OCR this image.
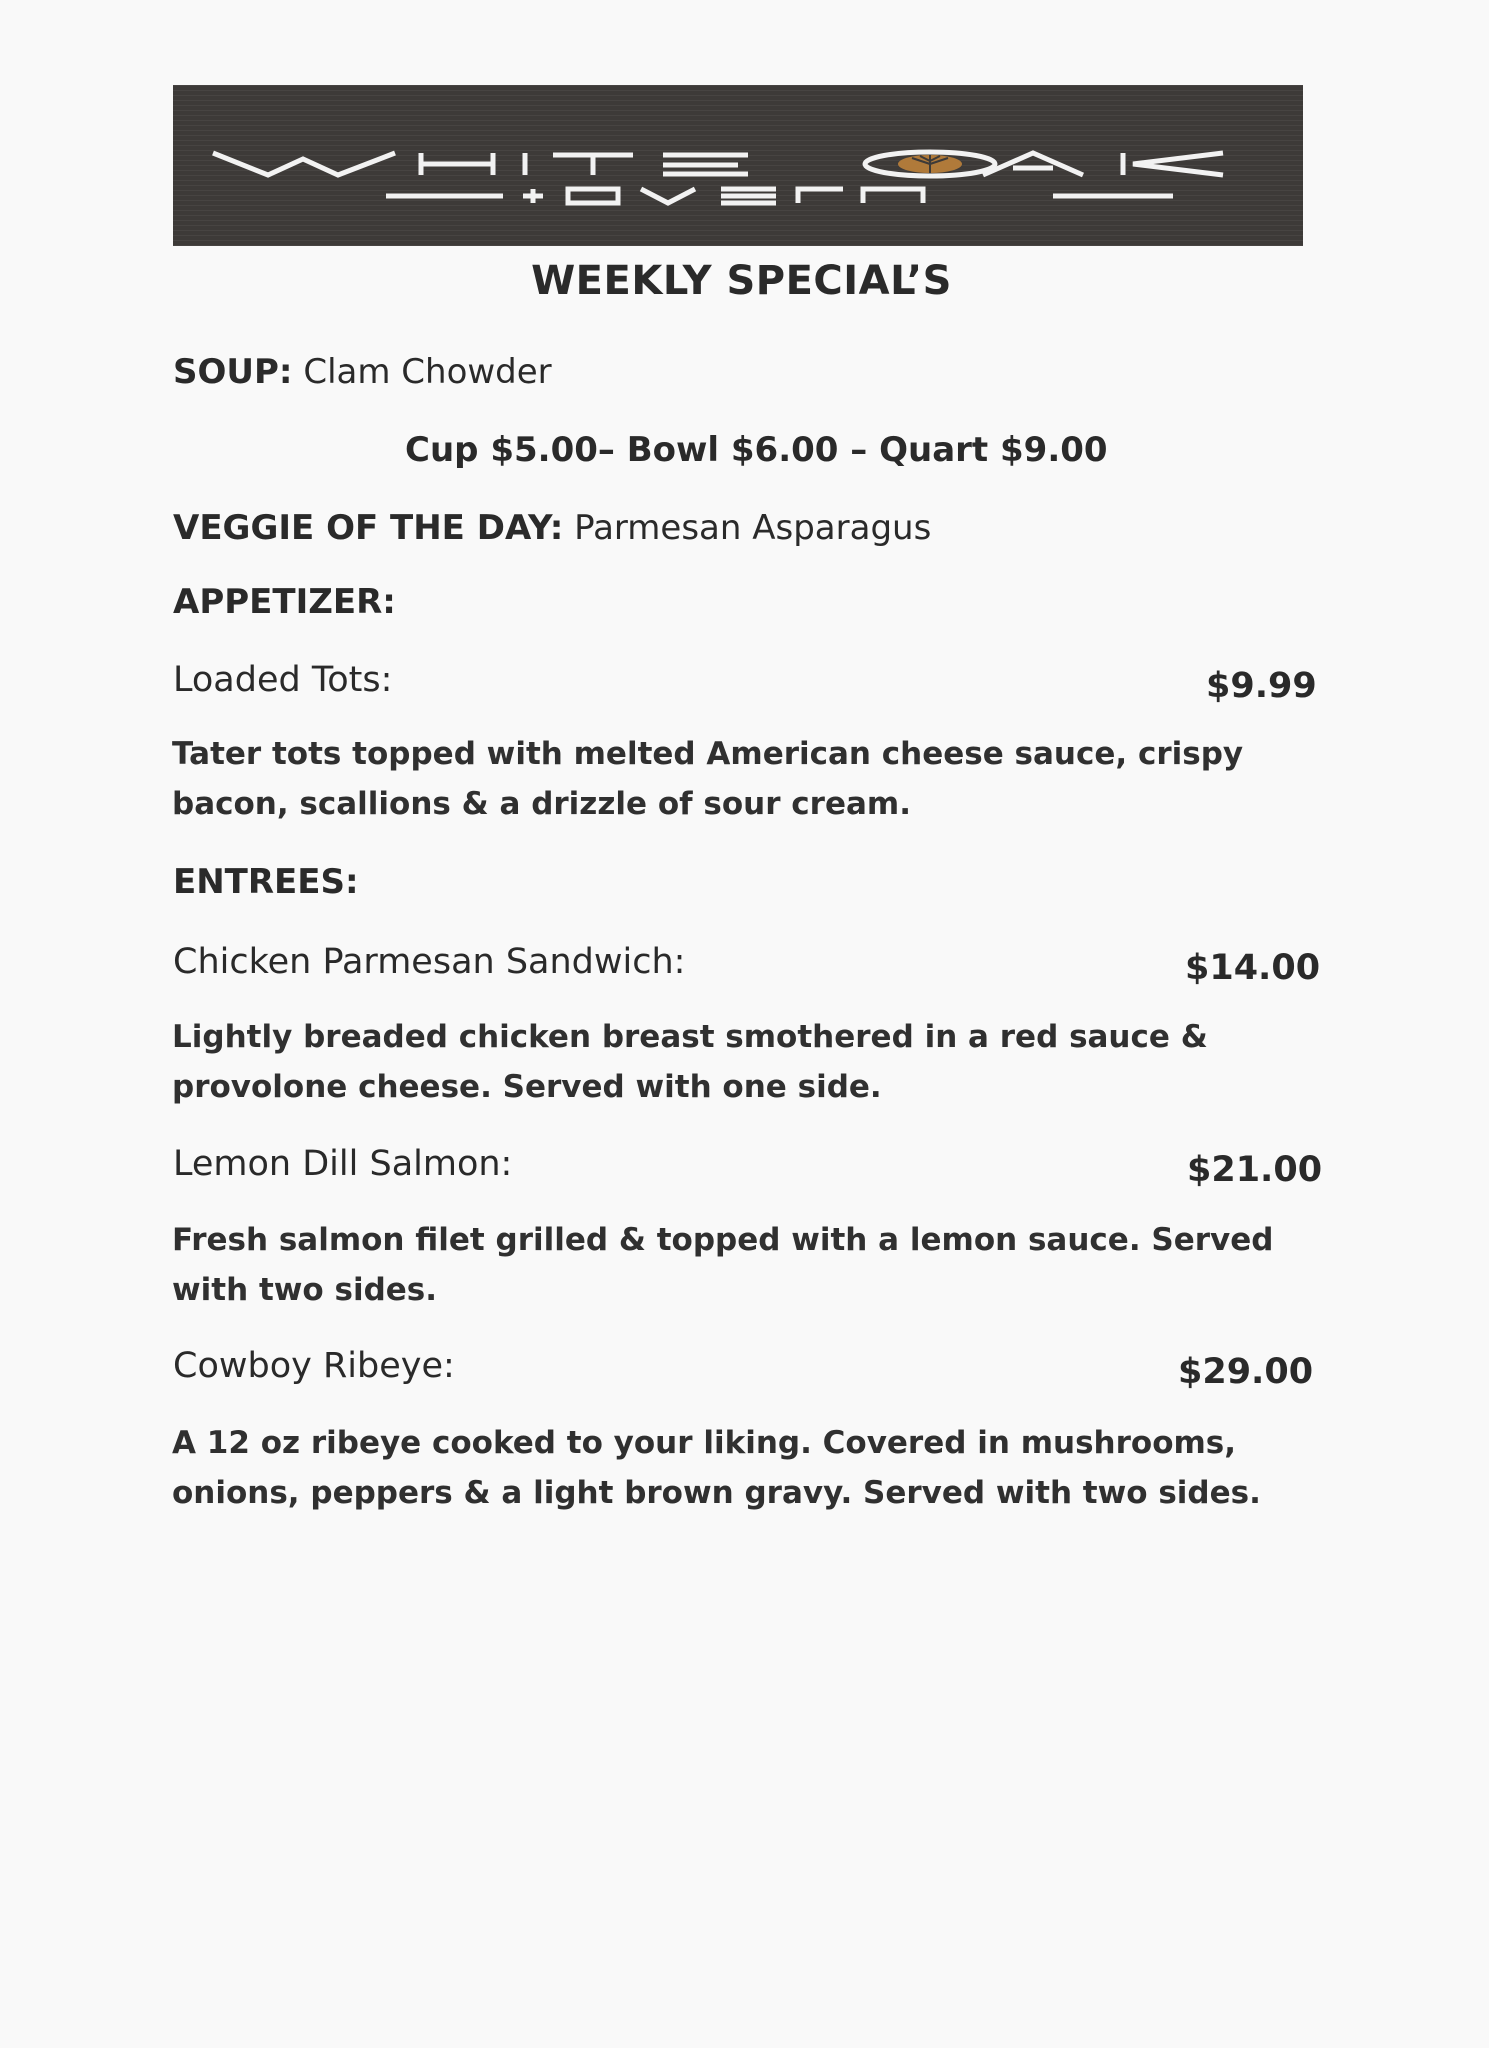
WEEKLY SPECIAL’S
SOUP: Clam Chowder
Cup $5.00– Bowl $6.00 – Quart $9.00
VEGGIE OF THE DAY: Parmesan Asparagus
APPETIZER:
Loaded Tots:	$9.99
Tater tots topped with melted American cheese sauce, crispy bacon, scallions & a drizzle of sour cream.
ENTREES:
Chicken Parmesan Sandwich:	$14.00
Lightly breaded chicken breast smothered in a red sauce & provolone cheese. Served with one side.
Lemon Dill Salmon:	$21.00
Fresh salmon filet grilled & topped with a lemon sauce. Served with two sides.
Cowboy Ribeye:	$29.00
A 12 oz ribeye cooked to your liking. Covered in mushrooms, onions, peppers & a light brown gravy. Served with two sides.
